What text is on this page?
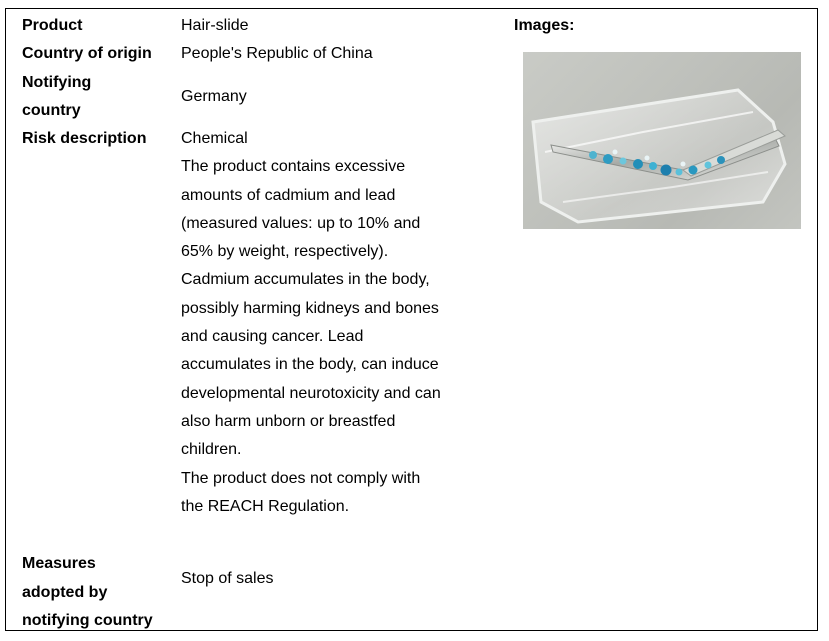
Product	Hair-slide
Country of origin People's Republic of China
Notifying
country
Germany
Risk description Chemical

The product contains excessive

amounts of cadmium and lead

(measured values: up to 10% and

65% by weight, respectively).

Cadmium accumulates in the body,

possibly harming kidneys and bones

and causing cancer. Lead

accumulates in the body, can induce

developmental neurotoxicity and can

also harm unborn or breastfed

children.

The product does not comply with

the REACH Regulation.

Measures
adopted by
notifying country
Stop of sales
Images:
